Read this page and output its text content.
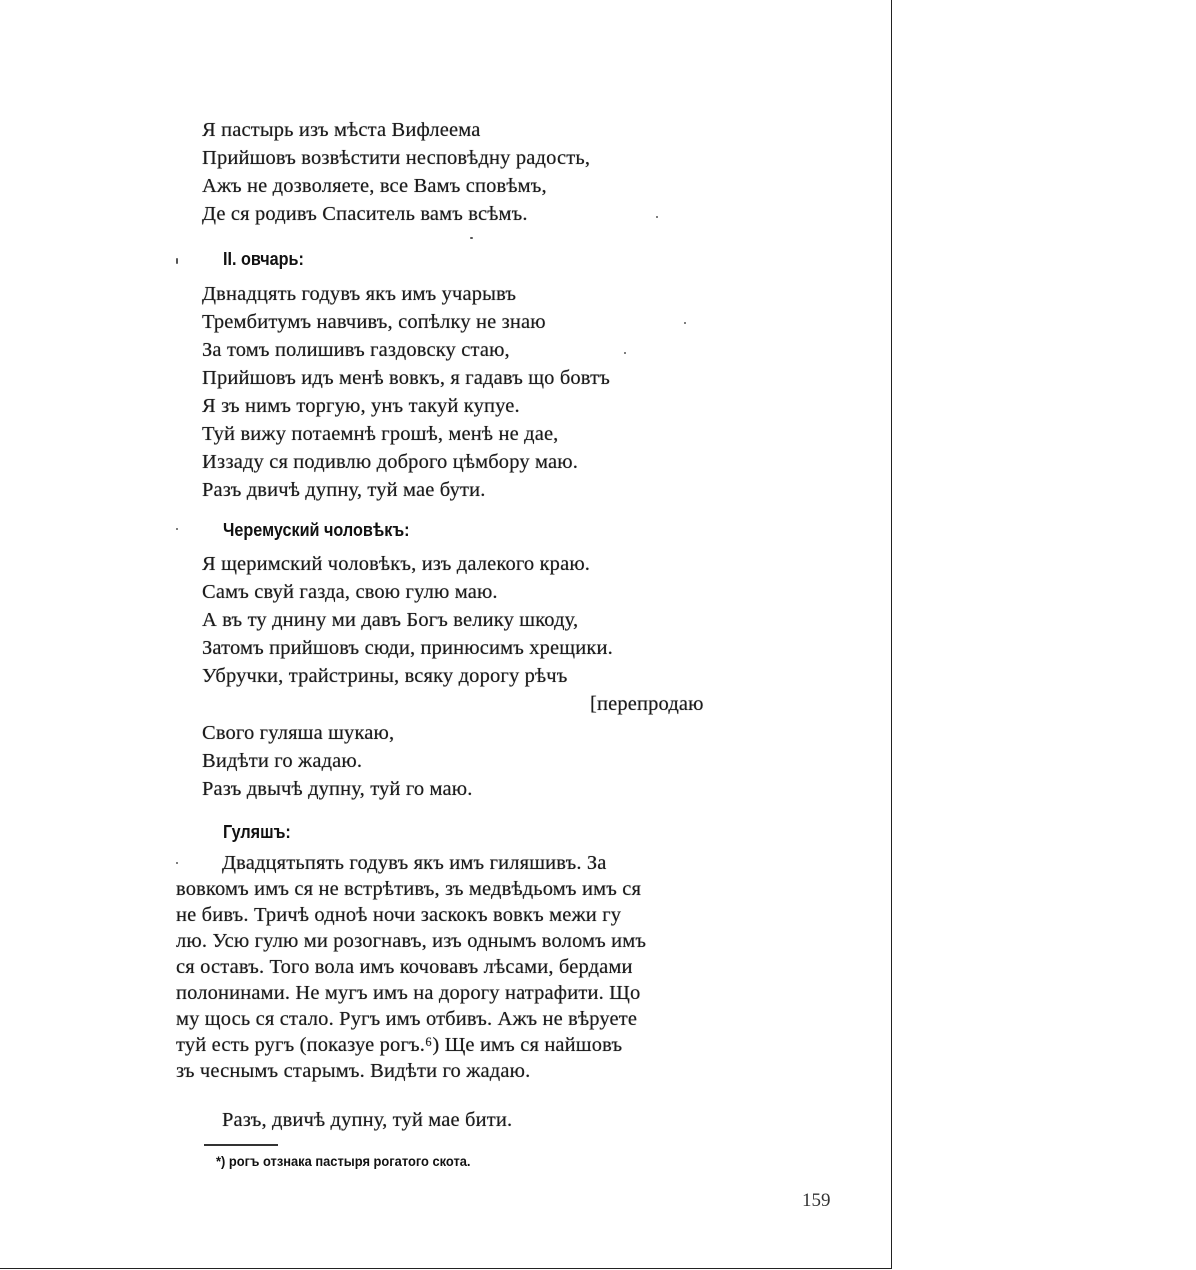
Я пастырь изъ мѣста Вифлеема
Прийшовъ возвѣстити несповѣдну радость,
Ажъ не дозволяете, все Вамъ сповѣмъ,
Де ся родивъ Спаситель вамъ всѣмъ.
II. овчарь:
Двнадцять годувъ якъ имъ учарывъ
Трембитумъ навчивъ, сопѣлку не знаю
За томъ полишивъ газдовску стаю,
Прийшовъ идъ менѣ вовкъ, я гадавъ що бовтъ
Я зъ нимъ торгую, унъ такуй купуе.
Туй вижу потаемнѣ грошѣ, менѣ не дае,
Иззаду ся подивлю доброго цѣмбору маю.
Разъ двичѣ дупну, туй мае бути.
Черемуский чоловѣкъ:
Я щеримский чоловѣкъ, изъ далекого краю.
Самъ свуй газда, свою гулю маю.
А въ ту днину ми давъ Богъ велику шкоду,
Затомъ прийшовъ сюди, принюсимъ хрещики.
Убручки, трайстрины, всяку дорогу рѣчъ
[перепродаю
Свого гуляша шукаю,
Видѣти го жадаю.
Разъ двычѣ дупну, туй го маю.
Гуляшъ:
Двадцятьпять годувъ якъ имъ гиляшивъ. За
вовкомъ имъ ся не встрѣтивъ, зъ медвѣдьомъ имъ ся
не бивъ. Тричѣ одноѣ ночи заскокъ вовкъ межи гу
лю. Усю гулю ми розогнавъ, изъ однымъ воломъ имъ
ся оставъ. Того вола имъ кочовавъ лѣсами, бердами
полонинами. Не мугъ имъ на дорогу натрафити. Що
му щось ся стало. Ругъ имъ отбивъ. Ажъ не вѣруете
туй есть ругъ (показуе рогъ.⁶) Ще имъ ся найшовъ
зъ чеснымъ старымъ. Видѣти го жадаю.
Разъ, двичѣ дупну, туй мае бити.
*) рогъ отзнака пастыря рогатого скота.
159
